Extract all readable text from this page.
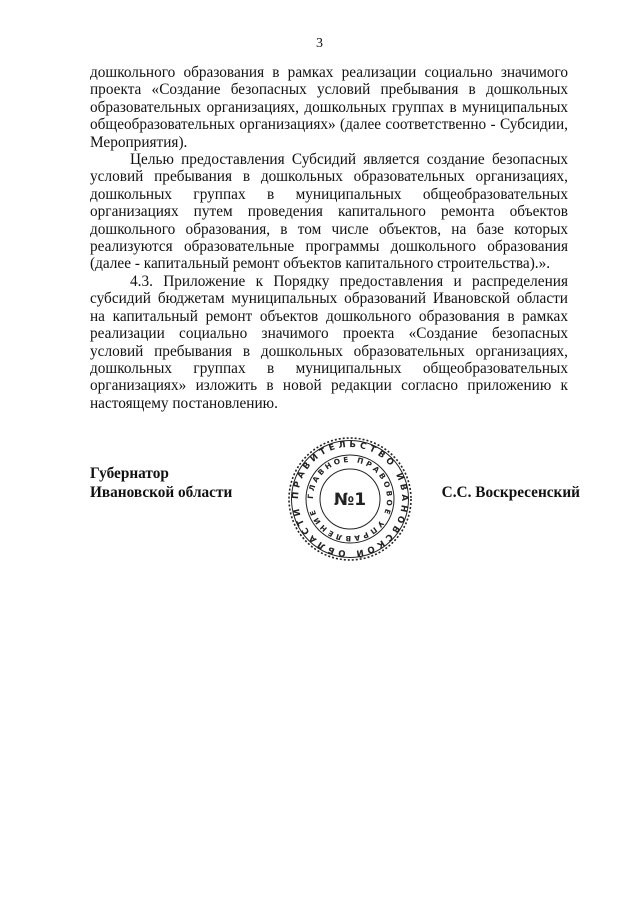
3

дошкольного образования в рамках реализации социально значимого проекта «Создание безопасных условий пребывания в дошкольных образовательных организациях, дошкольных группах в муниципальных общеобразовательных организациях» (далее соответственно - Субсидии, Мероприятия).

Целью предоставления Субсидий является создание безопасных условий пребывания в дошкольных образовательных организациях, дошкольных группах в муниципальных общеобразовательных организациях путем проведения капитального ремонта объектов дошкольного образования, в том числе объектов, на базе которых реализуются образовательные программы дошкольного образования (далее - капитальный ремонт объектов капитального строительства).».

4.3. Приложение к Порядку предоставления и распределения субсидий бюджетам муниципальных образований Ивановской области на капитальный ремонт объектов дошкольного образования в рамках реализации социально значимого проекта «Создание безопасных условий пребывания в дошкольных образовательных организациях, дошкольных группах в муниципальных общеобразовательных организациях» изложить в новой редакции согласно приложению к настоящему постановлению.

Губернатор
Ивановской области	С.С. Воскресенский
ПРАВИТЕЛЬСТВО ИВАНОВСКОЙ ОБЛАСТИ
ГЛАВНОЕ ПРАВОВОЕ УПРАВЛЕНИЕ
№1
